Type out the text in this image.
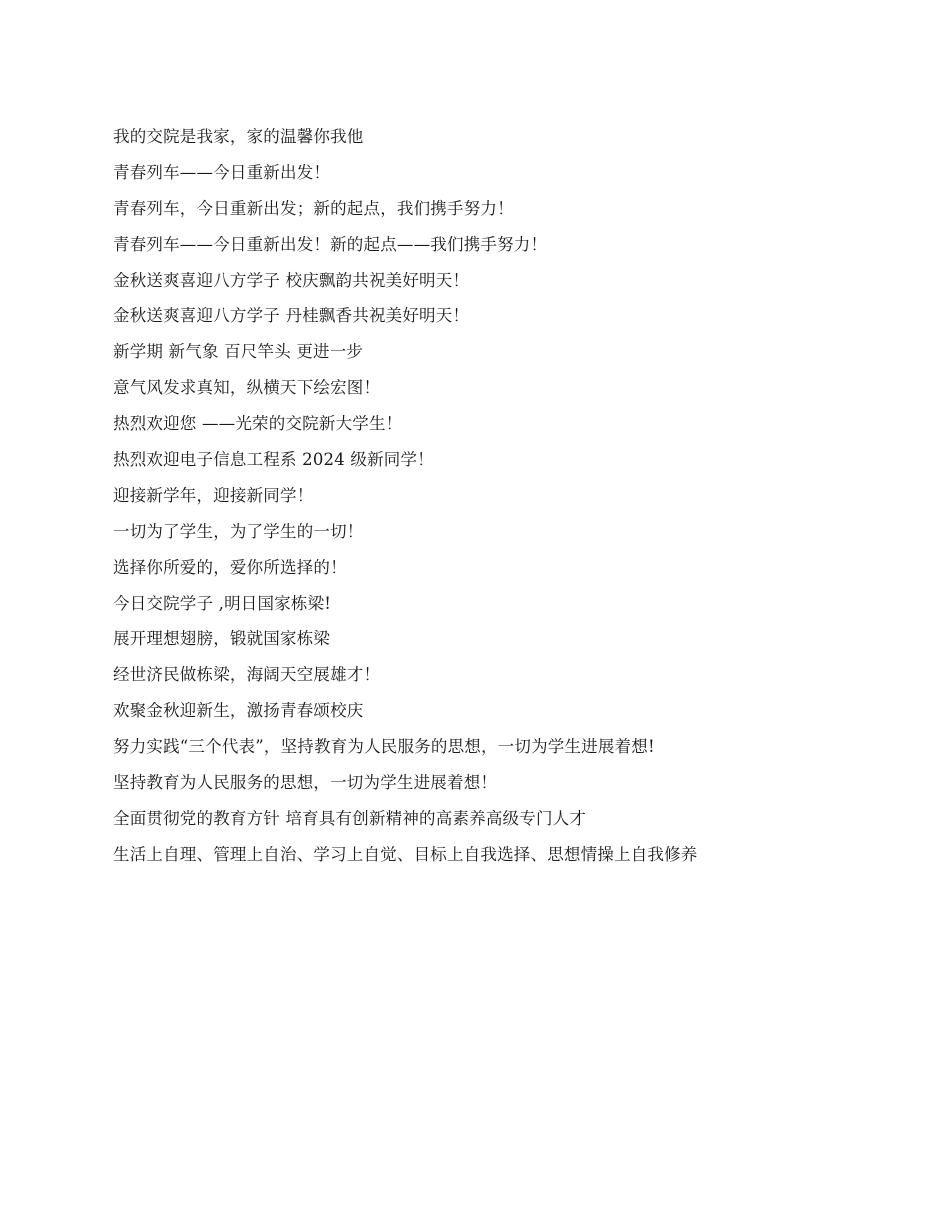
我的交院是我家，家的温馨你我他
青春列车——今日重新出发！
青春列车，今日重新出发；新的起点，我们携手努力！
青春列车——今日重新出发！新的起点——我们携手努力！
金秋送爽喜迎八方学子 校庆飘韵共祝美好明天！
金秋送爽喜迎八方学子 丹桂飘香共祝美好明天！
新学期 新气象 百尺竿头 更进一步
意气风发求真知，纵横天下绘宏图！
热烈欢迎您 ——光荣的交院新大学生！
热烈欢迎电子信息工程系 2024 级新同学！
迎接新学年，迎接新同学！
一切为了学生，为了学生的一切！
选择你所爱的，爱你所选择的！
今日交院学子 ,明日国家栋梁!
展开理想翅膀，锻就国家栋梁
经世济民做栋梁，海阔天空展雄才！
欢聚金秋迎新生，激扬青春颂校庆
努力实践“三个代表”，坚持教育为人民服务的思想，一切为学生进展着想!
坚持教育为人民服务的思想，一切为学生进展着想！
全面贯彻党的教育方针 培育具有创新精神的高素养高级专门人才
生活上自理、管理上自治、学习上自觉、目标上自我选择、思想情操上自我修养
